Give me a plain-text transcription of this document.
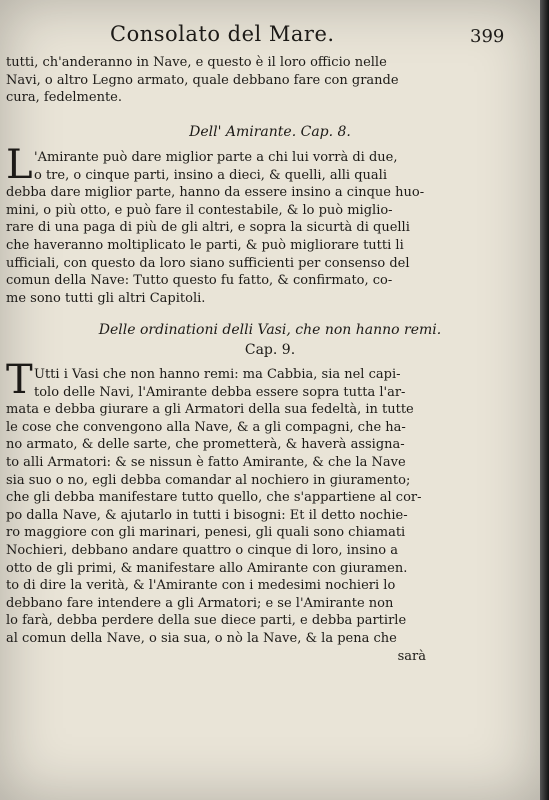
Consolato del Mare.	399
tutti, ch'anderanno in Nave, e questo è il loro officio nelle
Navi, o altro Legno armato, quale debbano fare con grande
cura, fedelmente.
Dell' Amirante. Cap. 8.
L 'Amirante può dare miglior parte a chi lui vorrà di due,
o tre, o cinque parti, insino a dieci, & quelli, alli quali
debba dare miglior parte, hanno da essere insino a cinque huo-
mini, o più otto, e può fare il contestabile, & lo può miglio-
rare di una paga di più de gli altri, e sopra la sicurtà di quelli
che haveranno moltiplicato le parti, & può migliorare tutti li
ufficiali, con questo da loro siano sufficienti per consenso del
comun della Nave: Tutto questo fu fatto, & confirmato, co-
me sono tutti gli altri Capitoli.
Delle ordinationi delli Vasi, che non hanno remi.
Cap. 9.
T Utti i Vasi che non hanno remi: ma Cabbia, sia nel capi-
tolo delle Navi, l'Amirante debba essere sopra tutta l'ar-
mata e debba giurare a gli Armatori della sua fedeltà, in tutte
le cose che convengono alla Nave, & a gli compagni, che ha-
no armato, & delle sarte, che prometterà, & haverà assigna-
to alli Armatori: & se nissun è fatto Amirante, & che la Nave
sia suo o no, egli debba comandar al nochiero in giuramento;
che gli debba manifestare tutto quello, che s'appartiene al cor-
po dalla Nave, & ajutarlo in tutti i bisogni: Et il detto nochie-
ro maggiore con gli marinari, penesi, gli quali sono chiamati
Nochieri, debbano andare quattro o cinque di loro, insino a
otto de gli primi, & manifestare allo Amirante con giuramen.
to di dire la verità, & l'Amirante con i medesimi nochieri lo
debbano fare intendere a gli Armatori; e se l'Amirante non
lo farà, debba perdere della sue diece parti, e debba partirle
al comun della Nave, o sia sua, o nò la Nave, & la pena che
sarà
